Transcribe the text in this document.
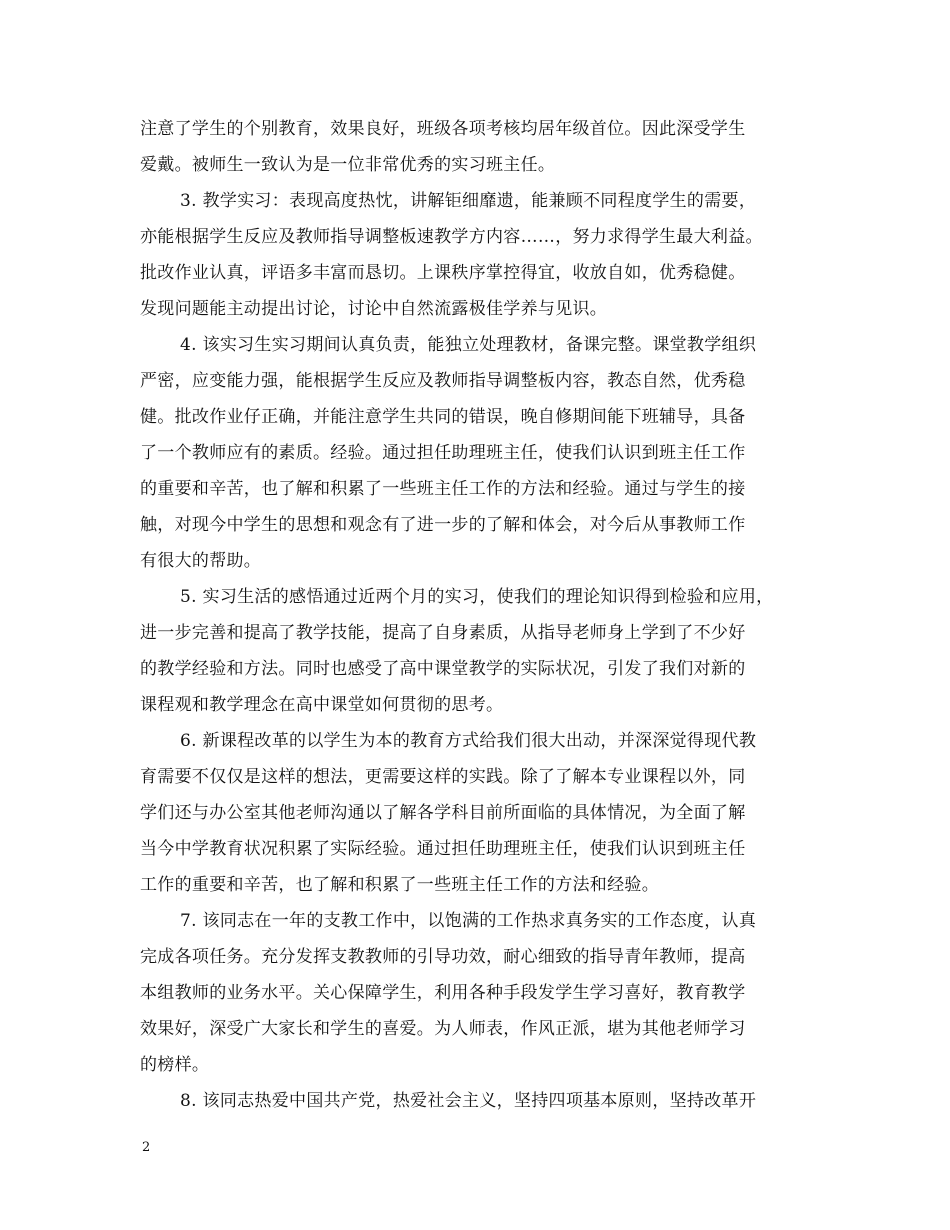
注意了学生的个别教育，效果良好，班级各项考核均居年级首位。因此深受学生
爱戴。被师生一致认为是一位非常优秀的实习班主任。
3. 教学实习：表现高度热忱，讲解钜细靡遗，能兼顾不同程度学生的需要，
亦能根据学生反应及教师指导调整板速教学方内容……，努力求得学生最大利益。
批改作业认真，评语多丰富而恳切。上课秩序掌控得宜，收放自如，优秀稳健。
发现问题能主动提出讨论，讨论中自然流露极佳学养与见识。
4. 该实习生实习期间认真负责，能独立处理教材，备课完整。课堂教学组织
严密，应变能力强，能根据学生反应及教师指导调整板内容，教态自然，优秀稳
健。批改作业仔正确，并能注意学生共同的错误，晚自修期间能下班辅导，具备
了一个教师应有的素质。经验。通过担任助理班主任，使我们认识到班主任工作
的重要和辛苦，也了解和积累了一些班主任工作的方法和经验。通过与学生的接
触，对现今中学生的思想和观念有了进一步的了解和体会，对今后从事教师工作
有很大的帮助。
5. 实习生活的感悟通过近两个月的实习，使我们的理论知识得到检验和应用，
进一步完善和提高了教学技能，提高了自身素质，从指导老师身上学到了不少好
的教学经验和方法。同时也感受了高中课堂教学的实际状况，引发了我们对新的
课程观和教学理念在高中课堂如何贯彻的思考。
6. 新课程改革的以学生为本的教育方式给我们很大出动，并深深觉得现代教
育需要不仅仅是这样的想法，更需要这样的实践。除了了解本专业课程以外，同
学们还与办公室其他老师沟通以了解各学科目前所面临的具体情况，为全面了解
当今中学教育状况积累了实际经验。通过担任助理班主任，使我们认识到班主任
工作的重要和辛苦，也了解和积累了一些班主任工作的方法和经验。
7. 该同志在一年的支教工作中，以饱满的工作热求真务实的工作态度，认真
完成各项任务。充分发挥支教教师的引导功效，耐心细致的指导青年教师，提高
本组教师的业务水平。关心保障学生，利用各种手段发学生学习喜好，教育教学
效果好，深受广大家长和学生的喜爱。为人师表，作风正派，堪为其他老师学习
的榜样。
8. 该同志热爱中国共产党，热爱社会主义，坚持四项基本原则，坚持改革开
2
